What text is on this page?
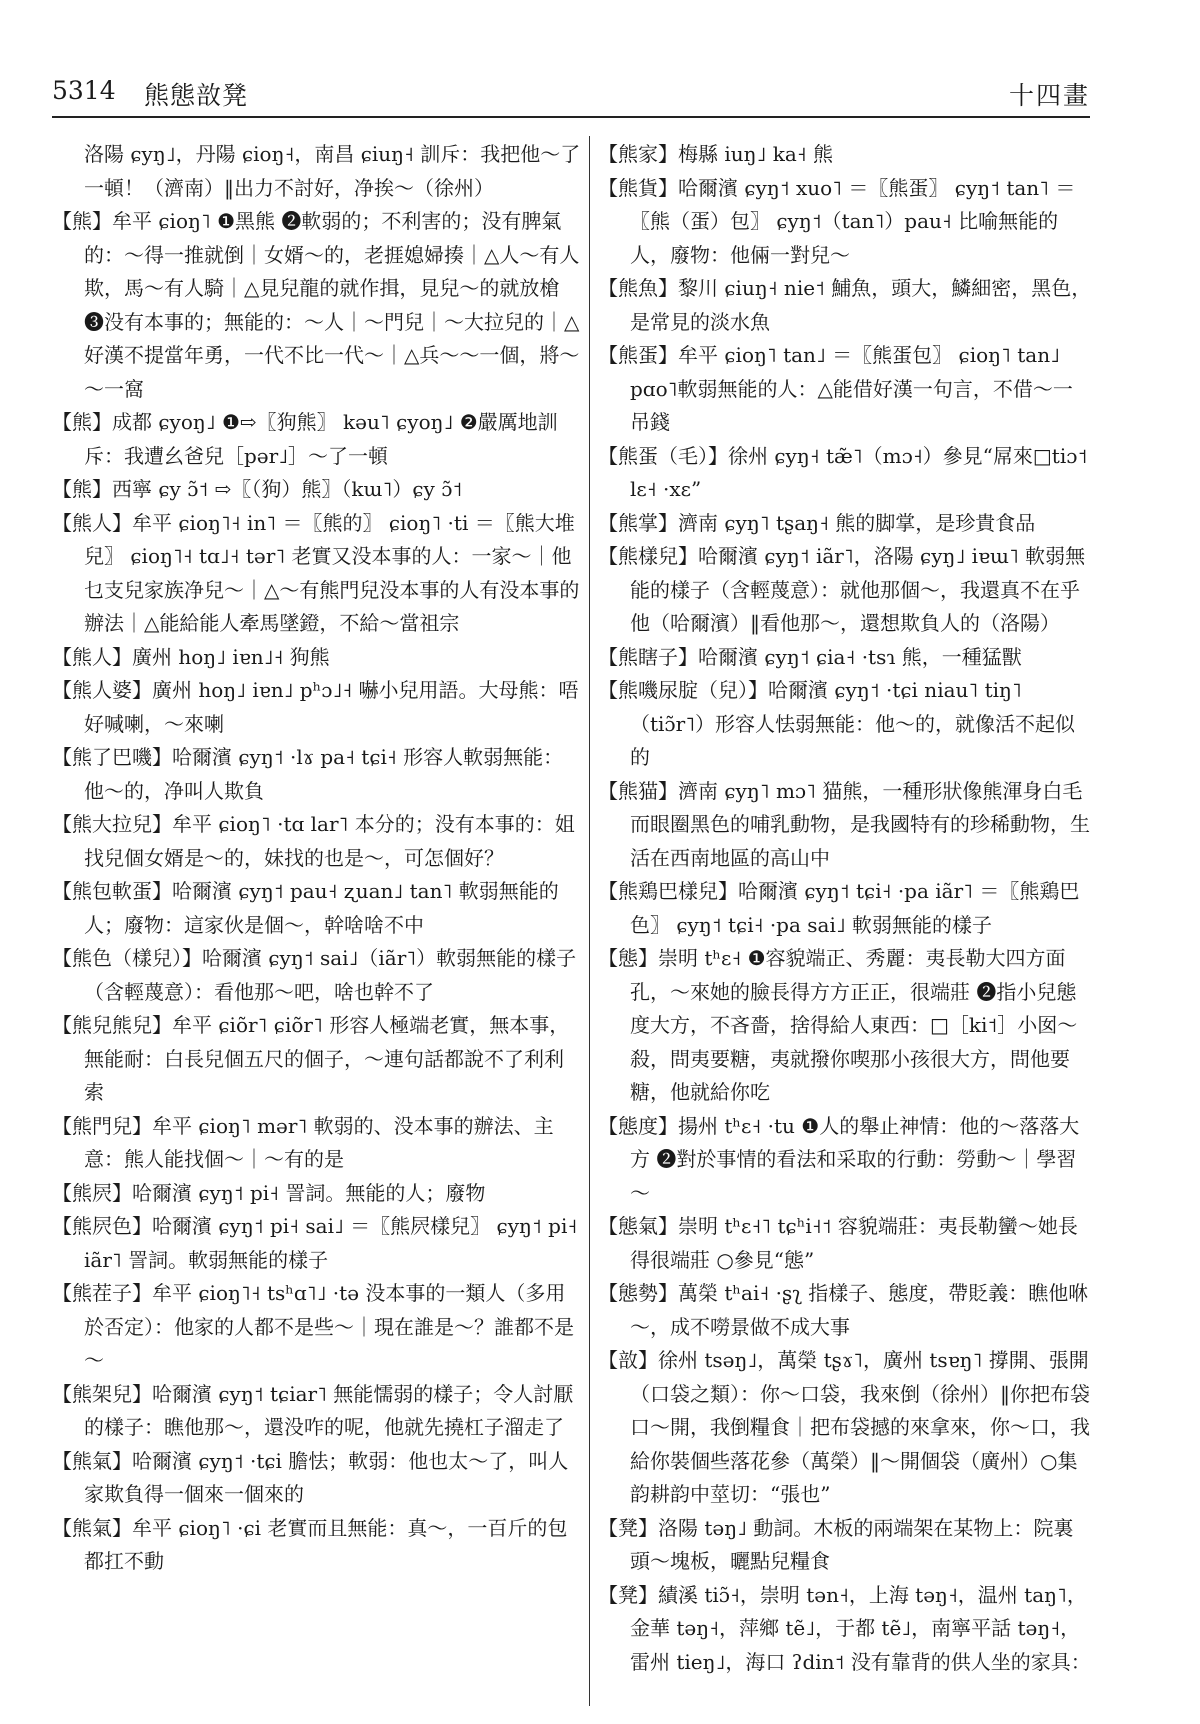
5314 熊態敨凳	十四畫

洛陽 ɕyŋ˩，丹陽 ɕioŋ˧，南昌 ɕiuŋ˧ 訓斥：我把他～了一頓！（濟南）‖出力不討好，净挨～（徐州）

【熊】牟平 ɕioŋ˥ ❶黑熊 ❷軟弱的；不利害的；没有脾氣的：～得一推就倒｜女婿～的，老捱媳婦揍｜△人～有人欺，馬～有人騎｜△見兒龍的就作揖，見兒～的就放槍 ❸没有本事的；無能的：～人｜～門兒｜～大拉兒的｜△好漢不提當年勇，一代不比一代～｜△兵～～一個，將～～一窩

【熊】成都 ɕyoŋ˩ ❶⇨〖狗熊〗 kəu˥ ɕyoŋ˩ ❷嚴厲地訓斥：我遭幺爸兒［pər˩］～了一頓

【熊】西寧 ɕy ɔ̃˦ ⇨〖（狗）熊〗（kɯ˥）ɕy ɔ̃˦

【熊人】牟平 ɕioŋ˥˧ in˥ ＝〖熊的〗 ɕioŋ˥ ·ti ＝〖熊大堆兒〗 ɕioŋ˥˧ tɑ˩˧ tər˥ 老實又没本事的人：一家～｜他乜支兒家族净兒～｜△～有熊門兒没本事的人有没本事的辦法｜△能給能人牽馬墜鐙，不給～當祖宗

【熊人】廣州 hoŋ˩ iɐn˩˧ 狗熊

【熊人婆】廣州 hoŋ˩ iɐn˩ pʰɔ˩˧ 嚇小兒用語。大母熊：唔好喊喇，～來喇

【熊了巴嘰】哈爾濱 ɕyŋ˦ ·lɤ pa˧ tɕi˧ 形容人軟弱無能：他～的，净叫人欺負

【熊大拉兒】牟平 ɕioŋ˥ ·tɑ lar˥ 本分的；没有本事的：姐找兒個女婿是～的，妹找的也是～，可怎個好？

【熊包軟蛋】哈爾濱 ɕyŋ˦ pau˧ ʐuan˩ tan˥ 軟弱無能的人；廢物：這家伙是個～，幹啥啥不中

【熊色（樣兒）】哈爾濱 ɕyŋ˦ sai˩（iãr˥）軟弱無能的樣子（含輕蔑意）：看他那～吧，啥也幹不了

【熊兒熊兒】牟平 ɕiõr˥ ɕiõr˥ 形容人極端老實，無本事，無能耐：白長兒個五尺的個子，～連句話都說不了利利索

【熊門兒】牟平 ɕioŋ˥ mər˥ 軟弱的、没本事的辦法、主意：熊人能找個～｜～有的是

【熊屄】哈爾濱 ɕyŋ˦ pi˧ 詈詞。無能的人；廢物

【熊屄色】哈爾濱 ɕyŋ˦ pi˧ sai˩ ＝〖熊屄樣兒〗 ɕyŋ˦ pi˧ iãr˥ 詈詞。軟弱無能的樣子

【熊茬子】牟平 ɕioŋ˥˧ tsʰɑ˥˩ ·tə 没本事的一類人（多用於否定）：他家的人都不是些～｜現在誰是～？誰都不是～

【熊架兒】哈爾濱 ɕyŋ˦ tɕiar˥ 無能懦弱的樣子；令人討厭的樣子：瞧他那～，還没咋的呢，他就先撓杠子溜走了

【熊氣】哈爾濱 ɕyŋ˦ ·tɕi 膽怯；軟弱：他也太～了，叫人家欺負得一個來一個來的

【熊氣】牟平 ɕioŋ˥ ·ɕi 老實而且無能：真～，一百斤的包都扛不動

【熊家】梅縣 iuŋ˩ ka˧ 熊

【熊貨】哈爾濱 ɕyŋ˦ xuo˥ ＝〖熊蛋〗 ɕyŋ˦ tan˥ ＝〖熊（蛋）包〗 ɕyŋ˦（tan˥）pau˧ 比喻無能的人，廢物：他倆一對兒～

【熊魚】黎川 ɕiuŋ˧ nie˦ 鯆魚，頭大，鱗細密，黑色，是常見的淡水魚

【熊蛋】牟平 ɕioŋ˥ tan˩ ＝〖熊蛋包〗 ɕioŋ˥ tan˩ pɑo˥軟弱無能的人：△能借好漢一句言，不借～一吊錢

【熊蛋（毛）】徐州 ɕyŋ˧ tæ̃˥（mɔ˧）參見“屌來□tiɔ˦ lɛ˧ ·xɛ”

【熊掌】濟南 ɕyŋ˥ tʂaŋ˧ 熊的脚掌，是珍貴食品

【熊樣兒】哈爾濱 ɕyŋ˦ iãr˥，洛陽 ɕyŋ˩ iɐɯ˥ 軟弱無能的樣子（含輕蔑意）：就他那個～，我還真不在乎他（哈爾濱）‖看他那～，還想欺負人的（洛陽）

【熊瞎子】哈爾濱 ɕyŋ˦ ɕia˧ ·tsɿ 熊，一種猛獸

【熊嘰尿腚（兒）】哈爾濱 ɕyŋ˦ ·tɕi niau˥ tiŋ˥（tiɔ̃r˥）形容人怯弱無能：他～的，就像活不起似的

【熊猫】濟南 ɕyŋ˥ mɔ˥ 猫熊，一種形狀像熊渾身白毛而眼圈黑色的哺乳動物，是我國特有的珍稀動物，生活在西南地區的高山中

【熊鶏巴樣兒】哈爾濱 ɕyŋ˦ tɕi˧ ·pa iãr˥ ＝〖熊鶏巴色〗 ɕyŋ˦ tɕi˧ ·pa sai˩ 軟弱無能的樣子

【態】崇明 tʰɛ˧ ❶容貌端正、秀麗：夷長勒大四方面孔，～來她的臉長得方方正正，很端莊 ❷指小兒態度大方，不吝嗇，捨得給人東西：□［ki˦］小囡～殺，問夷要糖，夷就撥你喫那小孩很大方，問他要糖，他就給你吃

【態度】揚州 tʰɛ˧ ·tu ❶人的舉止神情：他的～落落大方 ❷對於事情的看法和采取的行動：勞動～｜學習～

【態氣】崇明 tʰɛ˧˥ tɕʰi˧˦ 容貌端莊：夷長勒蠻～她長得很端莊 ○參見“態”

【態勢】萬榮 tʰai˧ ·ʂʅ 指樣子、態度，帶貶義：瞧他咻～，成不嘮景做不成大事

【敨】徐州 tsəŋ˩，萬榮 tʂɤ˥，廣州 tsɐŋ˥ 撐開、張開（口袋之類）：你～口袋，我來倒（徐州）‖你把布袋口～開，我倒糧食｜把布袋撼的來拿來，你～口，我給你裝個些落花參（萬榮）‖～開個袋（廣州）○集韵耕韵中莖切：“張也”

【凳】洛陽 təŋ˩ 動詞。木板的兩端架在某物上：院裏頭～塊板，曬點兒糧食

【凳】績溪 tiɔ̃˧，崇明 tən˧，上海 təŋ˧，温州 taŋ˥，金華 təŋ˧，萍鄉 tẽ˩，于都 tẽ˩，南寧平話 təŋ˧，雷州 tieŋ˩，海口 ʔdin˦ 没有靠背的供人坐的家具：
